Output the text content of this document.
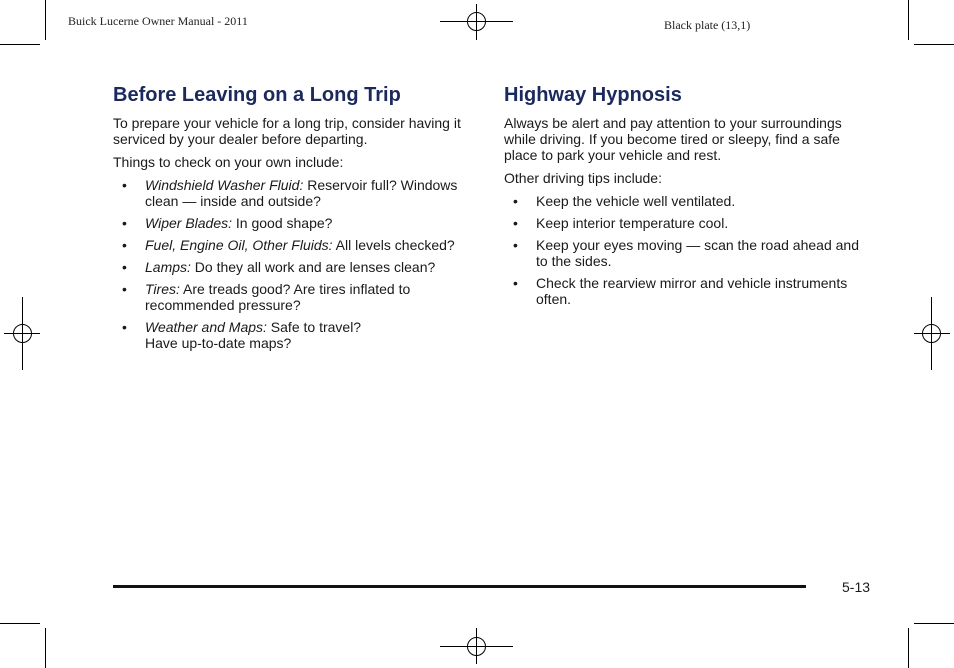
Buick Lucerne Owner Manual - 2011	Black plate (13,1)
Before Leaving on a Long Trip

To prepare your vehicle for a long trip, consider having it serviced by your dealer before departing.

Things to check on your own include:

• Windshield Washer Fluid: Reservoir full? Windows clean — inside and outside?
• Wiper Blades: In good shape?
• Fuel, Engine Oil, Other Fluids: All levels checked?
• Lamps: Do they all work and are lenses clean?
• Tires: Are treads good? Are tires inflated to recommended pressure?
• Weather and Maps: Safe to travel?
Have up-to-date maps?
Highway Hypnosis

Always be alert and pay attention to your surroundings while driving. If you become tired or sleepy, find a safe place to park your vehicle and rest.

Other driving tips include:

• Keep the vehicle well ventilated.
• Keep interior temperature cool.
• Keep your eyes moving — scan the road ahead and to the sides.
• Check the rearview mirror and vehicle instruments often.
5-13
